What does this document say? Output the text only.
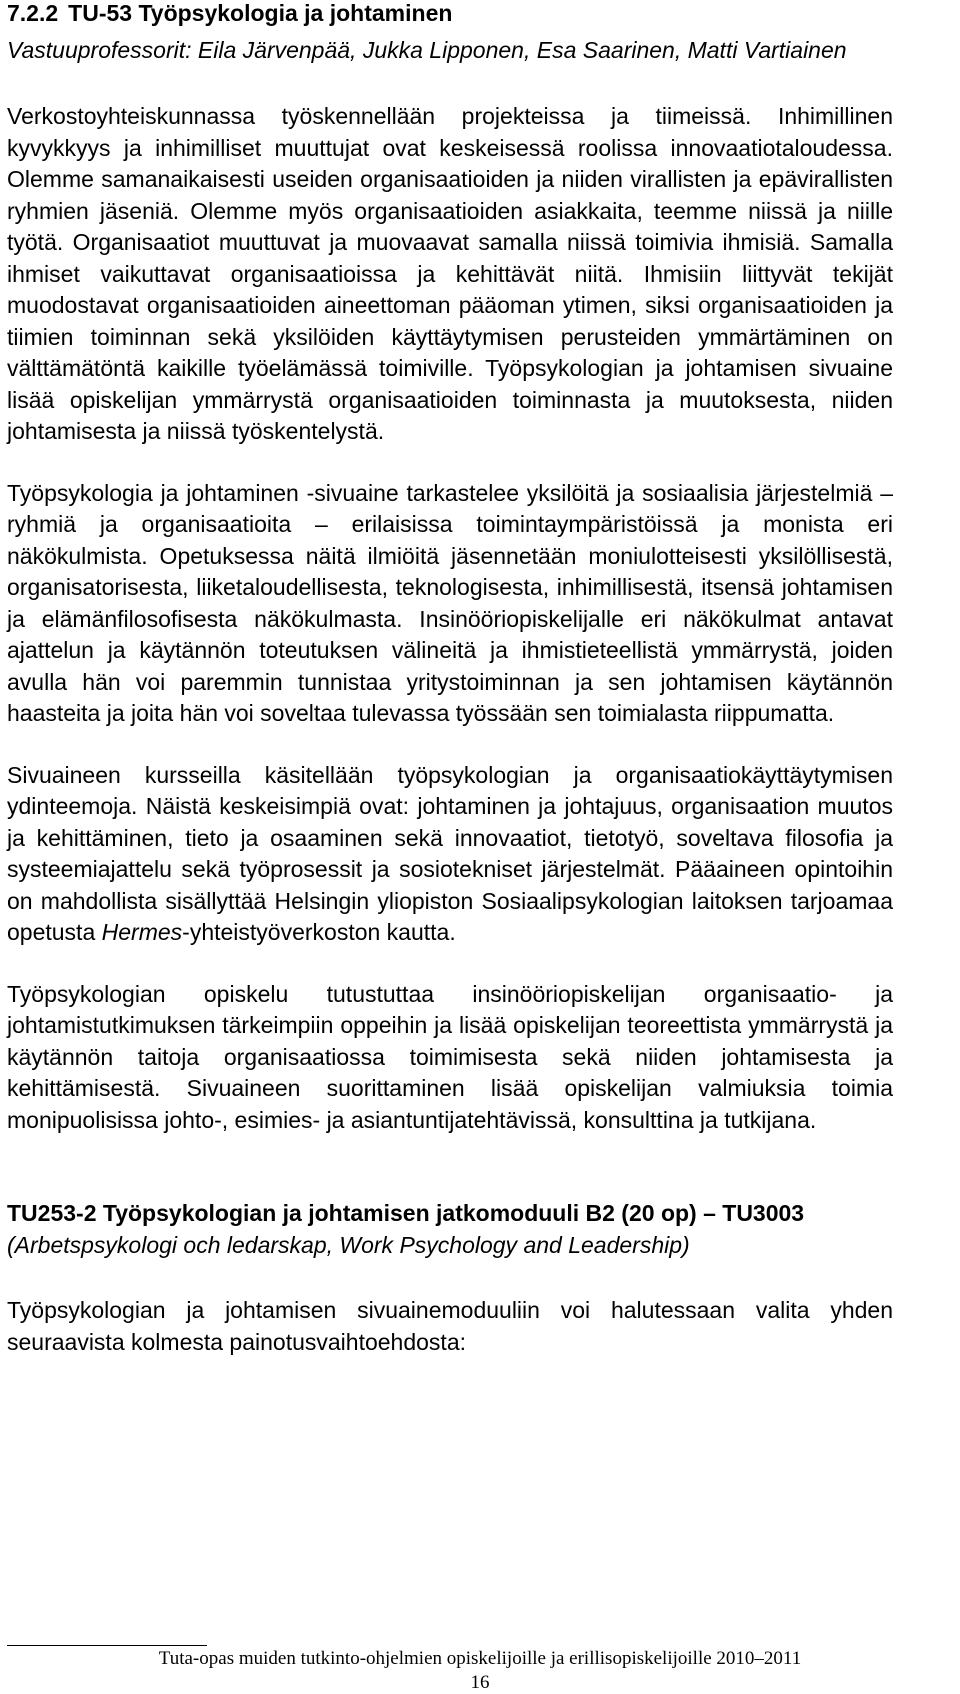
7.2.2 TU-53 Työpsykologia ja johtaminen

Vastuuprofessorit: Eila Järvenpää, Jukka Lipponen, Esa Saarinen, Matti Vartiainen

Verkostoyhteiskunnassa työskennellään projekteissa ja tiimeissä. Inhimillinen kyvykkyys ja inhimilliset muuttujat ovat keskeisessä roolissa innovaatiotaloudessa. Olemme samanaikaisesti useiden organisaatioiden ja niiden virallisten ja epävirallisten ryhmien jäseniä. Olemme myös organisaatioiden asiakkaita, teemme niissä ja niille työtä. Organisaatiot muuttuvat ja muovaavat samalla niissä toimivia ihmisiä. Samalla ihmiset vaikuttavat organisaatioissa ja kehittävät niitä. Ihmisiin liittyvät tekijät muodostavat organisaatioiden aineettoman pääoman ytimen, siksi organisaatioiden ja tiimien toiminnan sekä yksilöiden käyttäytymisen perusteiden ymmärtäminen on välttämätöntä kaikille työelämässä toimiville. Työpsykologian ja johtamisen sivuaine lisää opiskelijan ymmärrystä organisaatioiden toiminnasta ja muutoksesta, niiden johtamisesta ja niissä työskentelystä.

Työpsykologia ja johtaminen -sivuaine tarkastelee yksilöitä ja sosiaalisia järjestelmiä – ryhmiä ja organisaatioita – erilaisissa toimintaympäristöissä ja monista eri näkökulmista. Opetuksessa näitä ilmiöitä jäsennetään moniulotteisesti yksilöllisestä, organisatorisesta, liiketaloudellisesta, teknologisesta, inhimillisestä, itsensä johtamisen ja elämänfilosofisesta näkökulmasta. Insinööriopiskelijalle eri näkökulmat antavat ajattelun ja käytännön toteutuksen välineitä ja ihmistieteellistä ymmärrystä, joiden avulla hän voi paremmin tunnistaa yritystoiminnan ja sen johtamisen käytännön haasteita ja joita hän voi soveltaa tulevassa työssään sen toimialasta riippumatta.

Sivuaineen kursseilla käsitellään työpsykologian ja organisaatiokäyttäytymisen ydinteemoja. Näistä keskeisimpiä ovat: johtaminen ja johtajuus, organisaation muutos ja kehittäminen, tieto ja osaaminen sekä innovaatiot, tietotyö, soveltava filosofia ja systeemiajattelu sekä työprosessit ja sosiotekniset järjestelmät. Pääaineen opintoihin on mahdollista sisällyttää Helsingin yliopiston Sosiaalipsykologian laitoksen tarjoamaa opetusta Hermes-yhteistyöverkoston kautta.

Työpsykologian opiskelu tutustuttaa insinööriopiskelijan organisaatio- ja johtamistutkimuksen tärkeimpiin oppeihin ja lisää opiskelijan teoreettista ymmärrystä ja käytännön taitoja organisaatiossa toimimisesta sekä niiden johtamisesta ja kehittämisestä. Sivuaineen suorittaminen lisää opiskelijan valmiuksia toimia monipuolisissa johto-, esimies- ja asiantuntijatehtävissä, konsulttina ja tutkijana.

TU253-2 Työpsykologian ja johtamisen jatkomoduuli B2 (20 op) – TU3003

(Arbetspsykologi och ledarskap, Work Psychology and Leadership)

Työpsykologian ja johtamisen sivuainemoduuliin voi halutessaan valita yhden seuraavista kolmesta painotusvaihtoehdosta:

Tuta-opas muiden tutkinto-ohjelmien opiskelijoille ja erillisopiskelijoille 2010–2011
16
